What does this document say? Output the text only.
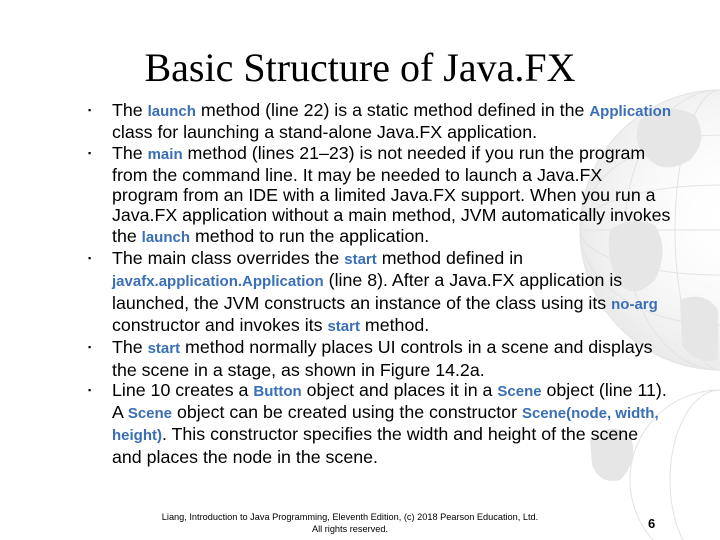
Basic Structure of Java.FX
▪ The launch method (line 22) is a static method defined in the Application class for launching a stand-alone Java.FX application.
▪ The main method (lines 21–23) is not needed if you run the program from the command line. It may be needed to launch a Java.FX program from an IDE with a limited Java.FX support. When you run a Java.FX application without a main method, JVM automatically invokes the launch method to run the application.
▪ The main class overrides the start method defined in javafx.application.Application (line 8). After a Java.FX application is launched, the JVM constructs an instance of the class using its no-arg constructor and invokes its start method.
▪ The start method normally places UI controls in a scene and displays the scene in a stage, as shown in Figure 14.2a.
▪ Line 10 creates a Button object and places it in a Scene object (line 11). A Scene object can be created using the constructor Scene(node, width, height). This constructor specifies the width and height of the scene and places the node in the scene.
Liang, Introduction to Java Programming, Eleventh Edition, (c) 2018 Pearson Education, Ltd.
All rights reserved.	6
